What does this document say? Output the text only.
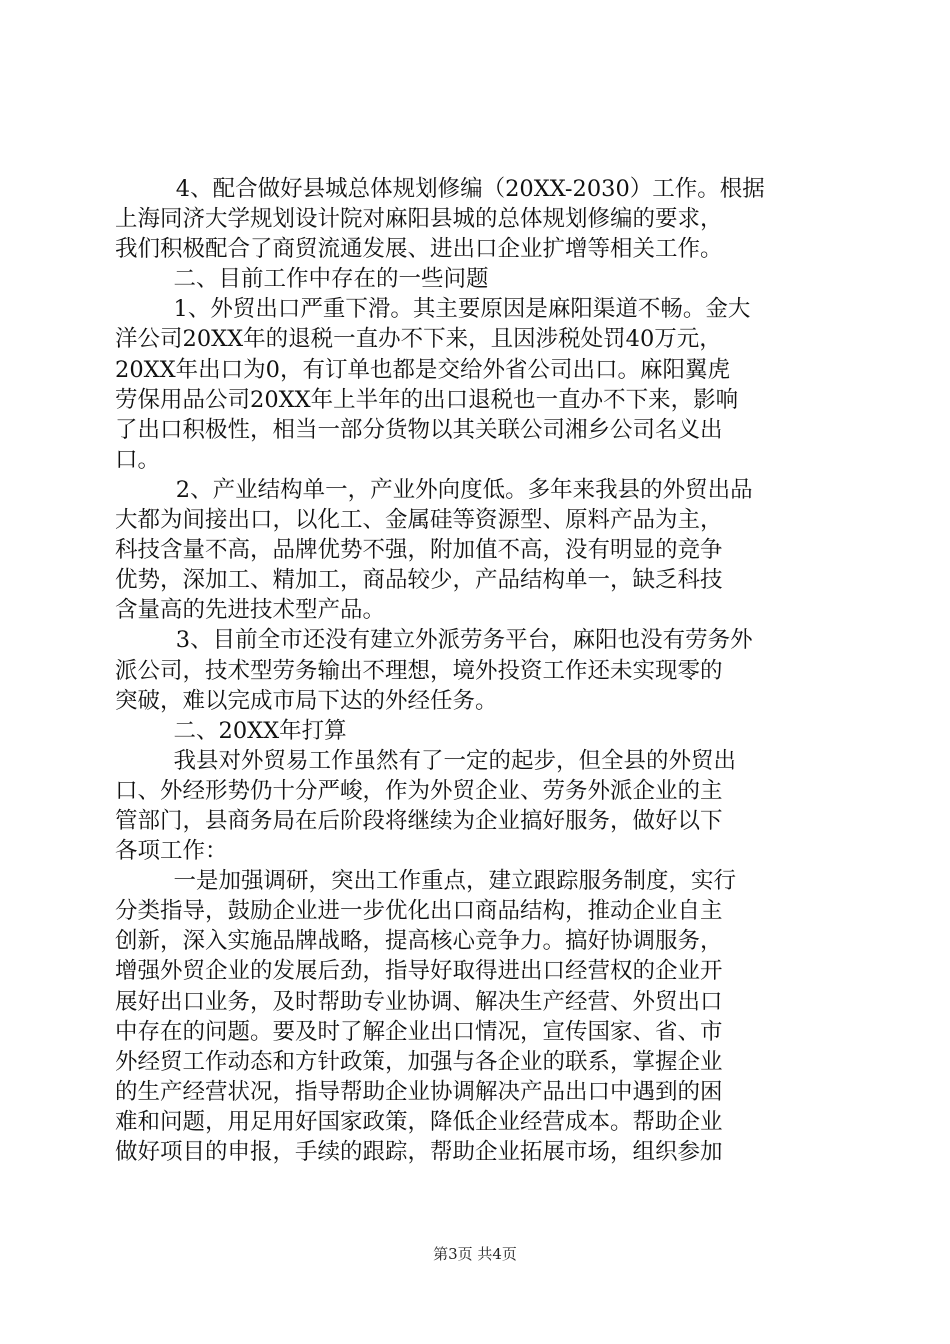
4、配合做好县城总体规划修编（20XX-2030）工作。根据
上海同济大学规划设计院对麻阳县城的总体规划修编的要求，
我们积极配合了商贸流通发展、进出口企业扩增等相关工作。
二、目前工作中存在的一些问题
1、外贸出口严重下滑。其主要原因是麻阳渠道不畅。金大
洋公司20XX年的退税一直办不下来，且因涉税处罚40万元，
20XX年出口为0，有订单也都是交给外省公司出口。麻阳翼虎
劳保用品公司20XX年上半年的出口退税也一直办不下来，影响
了出口积极性，相当一部分货物以其关联公司湘乡公司名义出
口。
2、产业结构单一，产业外向度低。多年来我县的外贸出品
大都为间接出口，以化工、金属硅等资源型、原料产品为主，
科技含量不高，品牌优势不强，附加值不高，没有明显的竞争
优势，深加工、精加工，商品较少，产品结构单一，缺乏科技
含量高的先进技术型产品。
3、目前全市还没有建立外派劳务平台，麻阳也没有劳务外
派公司，技术型劳务输出不理想，境外投资工作还未实现零的
突破，难以完成市局下达的外经任务。
二、20XX年打算
我县对外贸易工作虽然有了一定的起步，但全县的外贸出
口、外经形势仍十分严峻，作为外贸企业、劳务外派企业的主
管部门，县商务局在后阶段将继续为企业搞好服务，做好以下
各项工作：
一是加强调研，突出工作重点，建立跟踪服务制度，实行
分类指导，鼓励企业进一步优化出口商品结构，推动企业自主
创新，深入实施品牌战略，提高核心竞争力。搞好协调服务，
增强外贸企业的发展后劲，指导好取得进出口经营权的企业开
展好出口业务，及时帮助专业协调、解决生产经营、外贸出口
中存在的问题。要及时了解企业出口情况，宣传国家、省、市
外经贸工作动态和方针政策，加强与各企业的联系，掌握企业
的生产经营状况，指导帮助企业协调解决产品出口中遇到的困
难和问题，用足用好国家政策，降低企业经营成本。帮助企业
做好项目的申报，手续的跟踪，帮助企业拓展市场，组织参加
第3页 共4页
